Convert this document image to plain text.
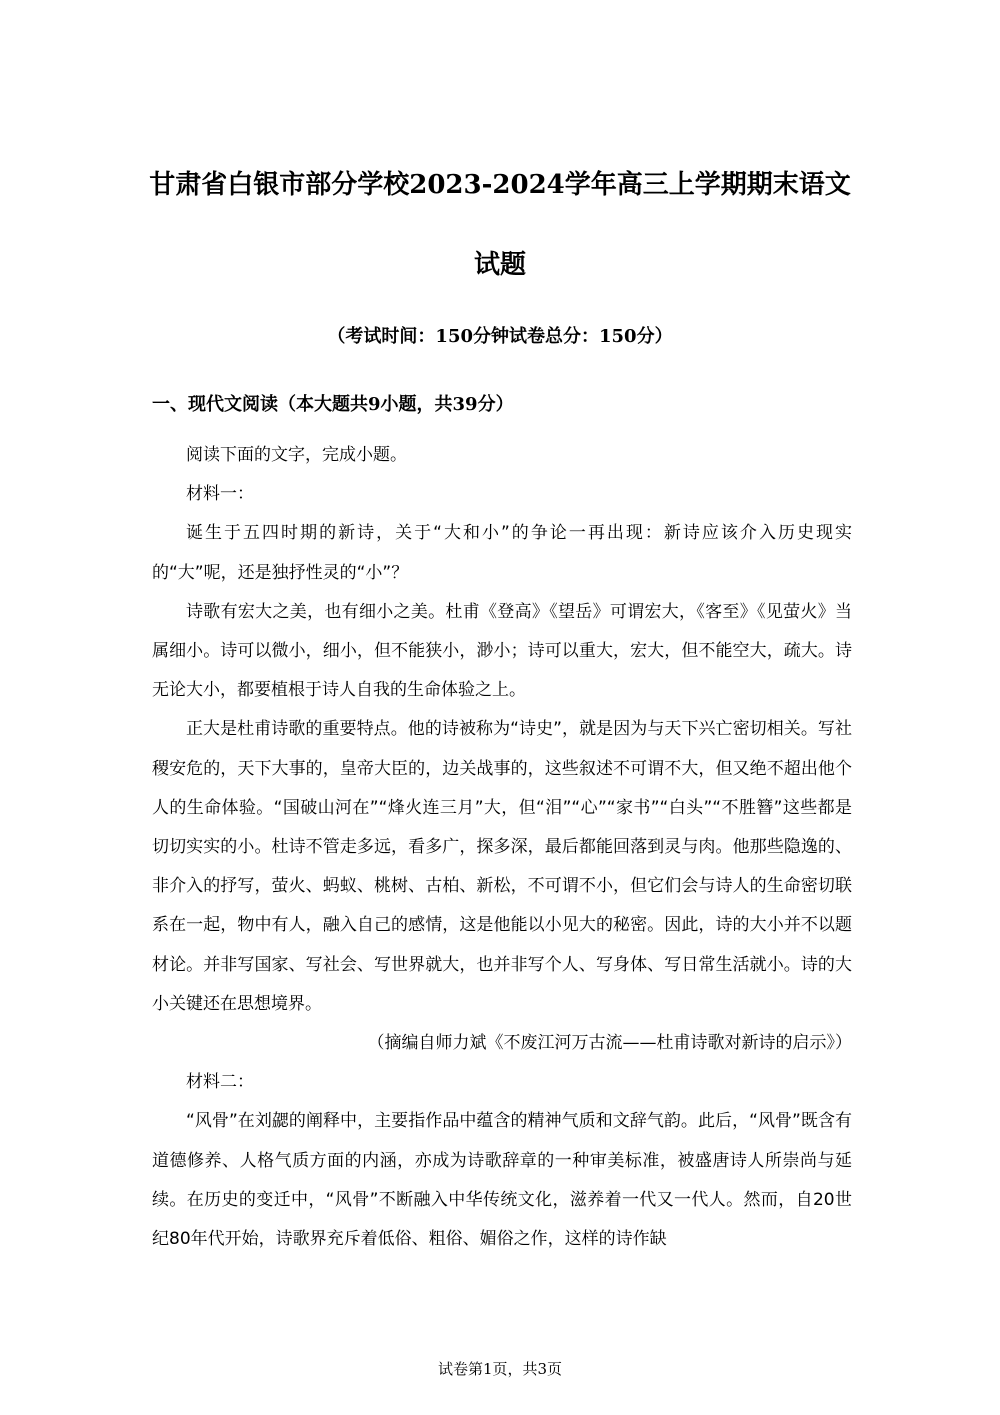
甘肃省白银市部分学校2023-2024学年高三上学期期末语文
试题
（考试时间：150分钟试卷总分：150分）
一、现代文阅读（本大题共9小题，共39分）

阅读下面的文字，完成小题。

材料一：

诞生于五四时期的新诗，关于“大和小”的争论一再出现：新诗应该介入历史现实的“大”呢，还是独抒性灵的“小”？

诗歌有宏大之美，也有细小之美。杜甫《登高》《望岳》可谓宏大，《客至》《见萤火》当属细小。诗可以微小，细小，但不能狭小，渺小；诗可以重大，宏大，但不能空大，疏大。诗无论大小，都要植根于诗人自我的生命体验之上。

正大是杜甫诗歌的重要特点。他的诗被称为“诗史”，就是因为与天下兴亡密切相关。写社稷安危的，天下大事的，皇帝大臣的，边关战事的，这些叙述不可谓不大，但又绝不超出他个人的生命体验。“国破山河在”“烽火连三月”大，但“泪”“心”“家书”“白头”“不胜簪”这些都是切切实实的小。杜诗不管走多远，看多广，探多深，最后都能回落到灵与肉。他那些隐逸的、非介入的抒写，萤火、蚂蚁、桃树、古柏、新松，不可谓不小，但它们会与诗人的生命密切联系在一起，物中有人，融入自己的感情，这是他能以小见大的秘密。因此，诗的大小并不以题材论。并非写国家、写社会、写世界就大，也并非写个人、写身体、写日常生活就小。诗的大小关键还在思想境界。

（摘编自师力斌《不废江河万古流——杜甫诗歌对新诗的启示》）

材料二：

“风骨”在刘勰的阐释中，主要指作品中蕴含的精神气质和文辞气韵。此后，“风骨”既含有道德修养、人格气质方面的内涵，亦成为诗歌辞章的一种审美标准，被盛唐诗人所崇尚与延续。在历史的变迁中，“风骨”不断融入中华传统文化，滋养着一代又一代人。然而，自20世纪80年代开始，诗歌界充斥着低俗、粗俗、媚俗之作，这样的诗作缺

试卷第1页，共3页
